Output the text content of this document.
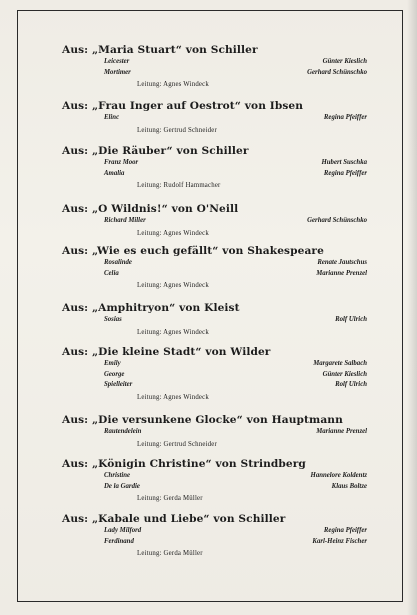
Aus: „Maria Stuart“ von Schiller
Leicester	Günter Kieslich
Mortimer	Gerhard Schünschko
Leitung: Agnes Windeck
Aus: „Frau Inger auf Oestrot“ von Ibsen
Elinc	Regina Pfeiffer
Leitung: Gertrud Schneider
Aus: „Die Räuber“ von Schiller
Franz Moor	Hubert Suschka
Amalia	Regina Pfeiffer
Leitung: Rudolf Hammacher
Aus: „O Wildnis!“ von O'Neill
Richard Miller	Gerhard Schünschko
Leitung: Agnes Windeck
Aus: „Wie es euch gefällt“ von Shakespeare
Rosalinde	Renate Jautschus
Celia	Marianne Prenzel
Leitung: Agnes Windeck
Aus: „Amphitryon“ von Kleist
Sosias	Rolf Ulrich
Leitung: Agnes Windeck
Aus: „Die kleine Stadt“ von Wilder
Emily	Margarete Salbach
George	Günter Kieslich
Spielleiter	Rolf Ulrich
Leitung: Agnes Windeck
Aus: „Die versunkene Glocke“ von Hauptmann
Rautendelein	Marianne Prenzel
Leitung: Gertrud Schneider
Aus: „Königin Christine“ von Strindberg
Christine	Hannelore Koldentz
De la Gardie	Klaus Boltze
Leitung: Gerda Müller
Aus: „Kabale und Liebe“ von Schiller
Lady Milford	Regina Pfeiffer
Ferdinand	Karl-Heinz Fischer
Leitung: Gerda Müller
